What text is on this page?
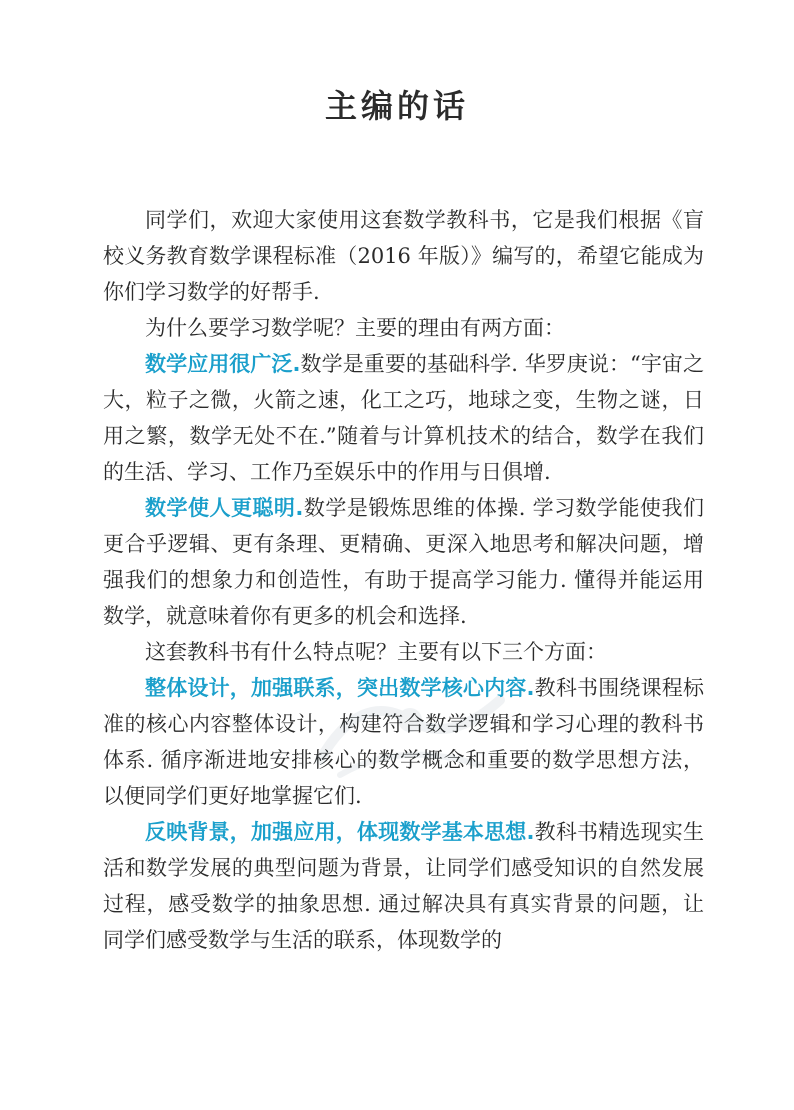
主编的话

同学们，欢迎大家使用这套数学教科书，它是我们根据《盲校义务教育数学课程标准（2016 年版）》编写的，希望它能成为你们学习数学的好帮手.

为什么要学习数学呢？主要的理由有两方面：

数学应用很广泛.数学是重要的基础科学. 华罗庚说：“宇宙之大，粒子之微，火箭之速，化工之巧，地球之变，生物之谜，日用之繁，数学无处不在.”随着与计算机技术的结合，数学在我们的生活、学习、工作乃至娱乐中的作用与日俱增.

数学使人更聪明.数学是锻炼思维的体操. 学习数学能使我们更合乎逻辑、更有条理、更精确、更深入地思考和解决问题，增强我们的想象力和创造性，有助于提高学习能力. 懂得并能运用数学，就意味着你有更多的机会和选择.

这套教科书有什么特点呢？主要有以下三个方面：

整体设计，加强联系，突出数学核心内容.教科书围绕课程标准的核心内容整体设计，构建符合数学逻辑和学习心理的教科书体系. 循序渐进地安排核心的数学概念和重要的数学思想方法，以便同学们更好地掌握它们.

反映背景，加强应用，体现数学基本思想.教科书精选现实生活和数学发展的典型问题为背景，让同学们感受知识的自然发展过程，感受数学的抽象思想. 通过解决具有真实背景的问题，让同学们感受数学与生活的联系，体现数学的
